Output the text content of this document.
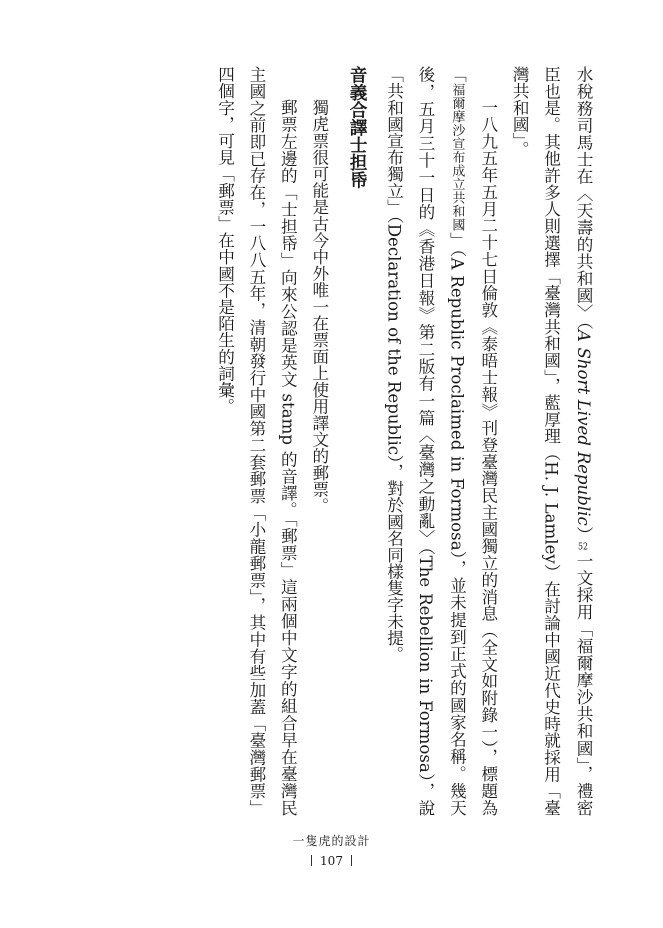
水稅務司馬士在〈天壽的共和國〉（A Short Lived Republic）52一文採用「福爾摩沙共和國」，禮密臣也是。其他許多人則選擇「臺灣共和國」，藍厚理（H. J. Lamley）在討論中國近代史時就採用「臺灣共和國」。

一八九五年五月二十七日倫敦《泰晤士報》刊登臺灣民主國獨立的消息（全文如附錄一），標題為「福爾摩沙宣布成立共和國」（A Republic Proclaimed in Formosa），並未提到正式的國家名稱。幾天後，五月三十一日的《香港日報》第二版有一篇〈臺灣之動亂〉（The Rebellion in Formosa），說「共和國宣布獨立」（Declaration of the Republic），對於國名同樣隻字未提。

音義合譯士担帋

獨虎票很可能是古今中外唯一在票面上使用譯文的郵票。

郵票左邊的「士担帋」向來公認是英文 stamp 的音譯。「郵票」這兩個中文字的組合早在臺灣民主國之前即已存在，一八八五年，清朝發行中國第二套郵票「小龍郵票」，其中有些加蓋「臺灣郵票」四個字，可見「郵票」在中國不是陌生的詞彙。

一隻虎的設計
107
